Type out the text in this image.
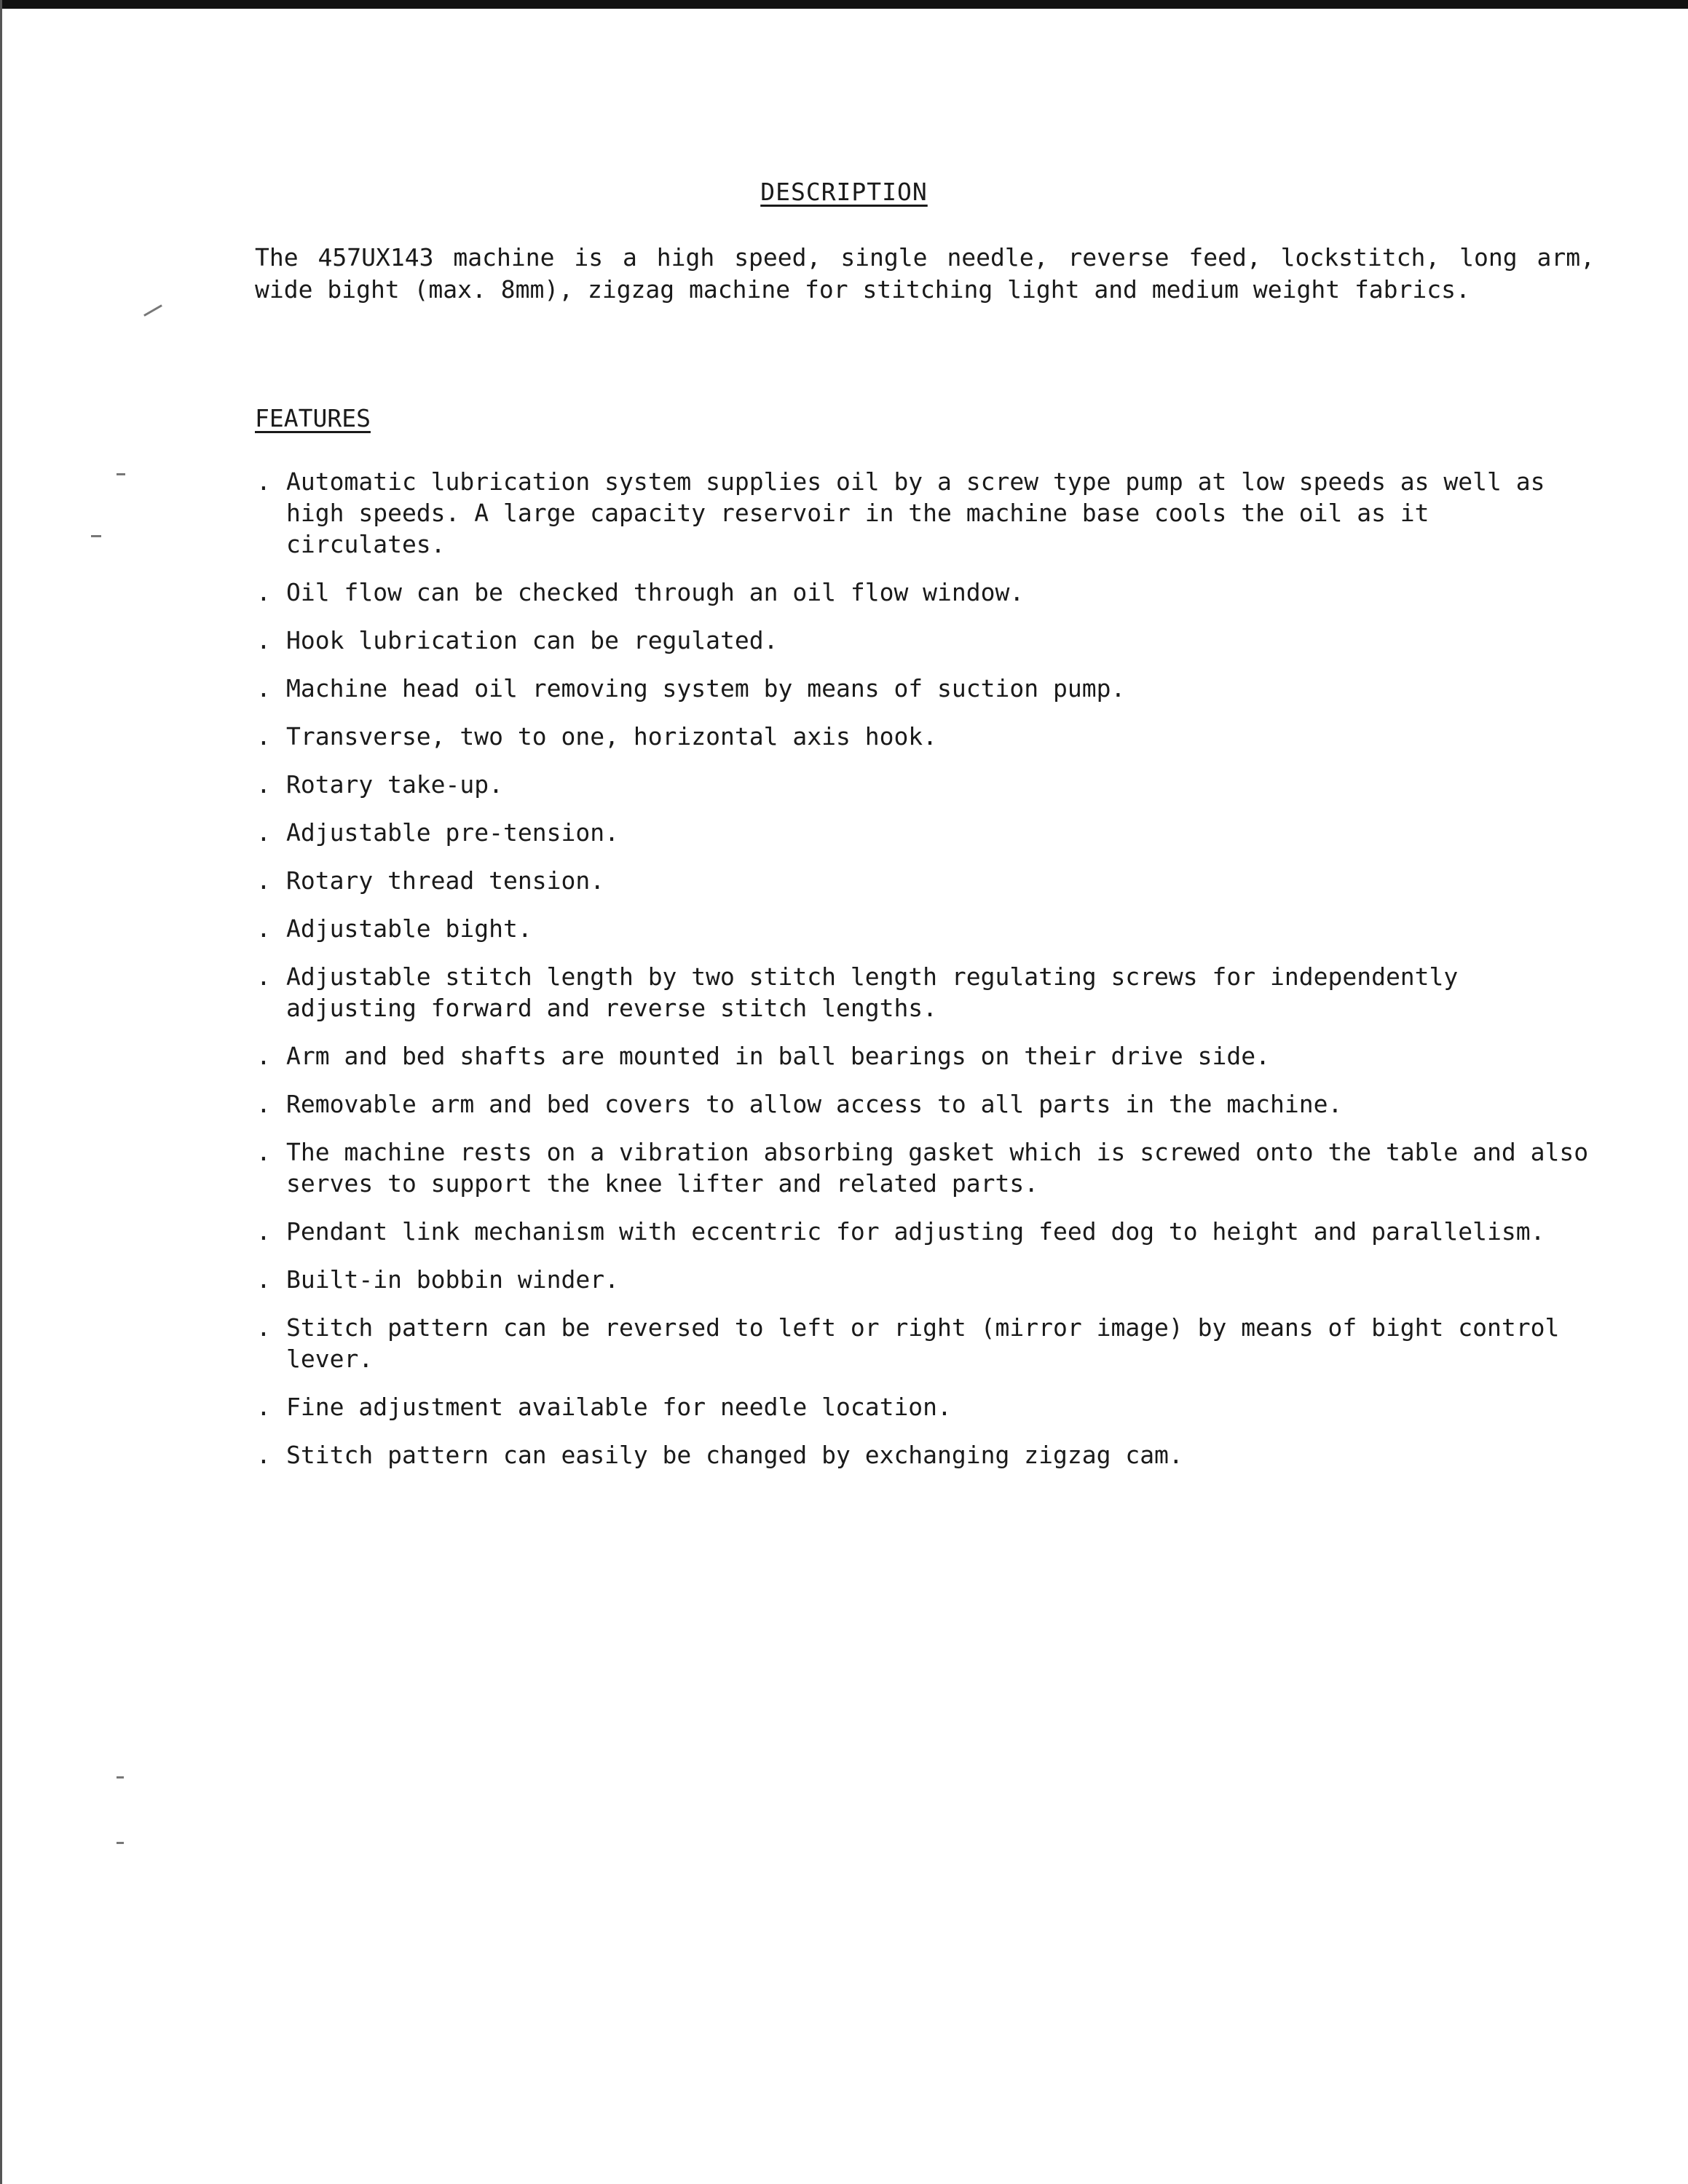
DESCRIPTION

The 457UX143 machine is a high speed, single needle, reverse feed, lockstitch, long arm, wide bight (max. 8mm), zigzag machine for stitching light and medium weight fabrics.

FEATURES
. Automatic lubrication system supplies oil by a screw type pump at low speeds as well as high speeds. A large capacity reservoir in the machine base cools the oil as it circulates.
. Oil flow can be checked through an oil flow window.
. Hook lubrication can be regulated.
. Machine head oil removing system by means of suction pump.
. Transverse, two to one, horizontal axis hook.
. Rotary take-up.
. Adjustable pre-tension.
. Rotary thread tension.
. Adjustable bight.
. Adjustable stitch length by two stitch length regulating screws for independently adjusting forward and reverse stitch lengths.
. Arm and bed shafts are mounted in ball bearings on their drive side.
. Removable arm and bed covers to allow access to all parts in the machine.
. The machine rests on a vibration absorbing gasket which is screwed onto the table and also serves to support the knee lifter and related parts.
. Pendant link mechanism with eccentric for adjusting feed dog to height and parallelism.
. Built-in bobbin winder.
. Stitch pattern can be reversed to left or right (mirror image) by means of bight control lever.
. Fine adjustment available for needle location.
. Stitch pattern can easily be changed by exchanging zigzag cam.
